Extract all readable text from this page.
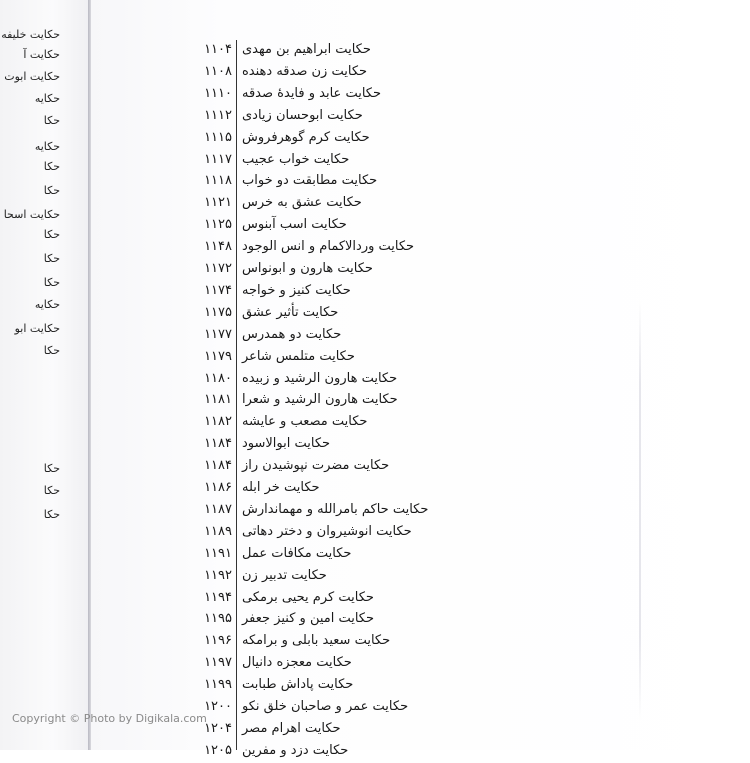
حکایت خلیفه
حکایت آ
حکایت ابوت
حکایه
حکا
حکایه
حکا
حکا
حکایت اسحا
حکا
حکا
حکا
حکایه
حکایت ابو
حکا
حکا
حکا
حکا
۱۱۰۴ حکایت ابراهیم بن مهدی
۱۱۰۸ حکایت زن صدقه دهنده
۱۱۱۰ حکایت عابد و فایدهٔ صدقه
۱۱۱۲ حکایت ابوحسان زیادی
۱۱۱۵ حکایت کرم گوهرفروش
۱۱۱۷ حکایت خواب عجیب
۱۱۱۸ حکایت مطابقت دو خواب
۱۱۲۱ حکایت عشق به خرس
۱۱۲۵ حکایت اسب آبنوس
۱۱۴۸ حکایت وردالاکمام و انس الوجود
۱۱۷۲ حکایت هارون و ابونواس
۱۱۷۴ حکایت کنیز و خواجه
۱۱۷۵ حکایت تأثیر عشق
۱۱۷۷ حکایت دو همدرس
۱۱۷۹ حکایت متلمس شاعر
۱۱۸۰ حکایت هارون الرشید و زبیده
۱۱۸۱ حکایت هارون الرشید و شعرا
۱۱۸۲ حکایت مصعب و عایشه
۱۱۸۴ حکایت ابوالاسود
۱۱۸۴ حکایت مضرت نپوشیدن راز
۱۱۸۶ حکایت خر ابله
۱۱۸۷ حکایت حاکم بامرالله و مهماندارش
۱۱۸۹ حکایت انوشیروان و دختر دهاتی
۱۱۹۱ حکایت مکافات عمل
۱۱۹۲ حکایت تدبیر زن
۱۱۹۴ حکایت کرم یحیی برمکی
۱۱۹۵ حکایت امین و کنیز جعفر
۱۱۹۶ حکایت سعید بابلی و برامکه
۱۱۹۷ حکایت معجزه دانیال
۱۱۹۹ حکایت پاداش طبابت
۱۲۰۰ حکایت عمر و صاحبان خلق نکو
۱۲۰۴ حکایت اهرام مصر
۱۲۰۵ حکایت دزد و مفرین
Copyright © Photo by Digikala.com
